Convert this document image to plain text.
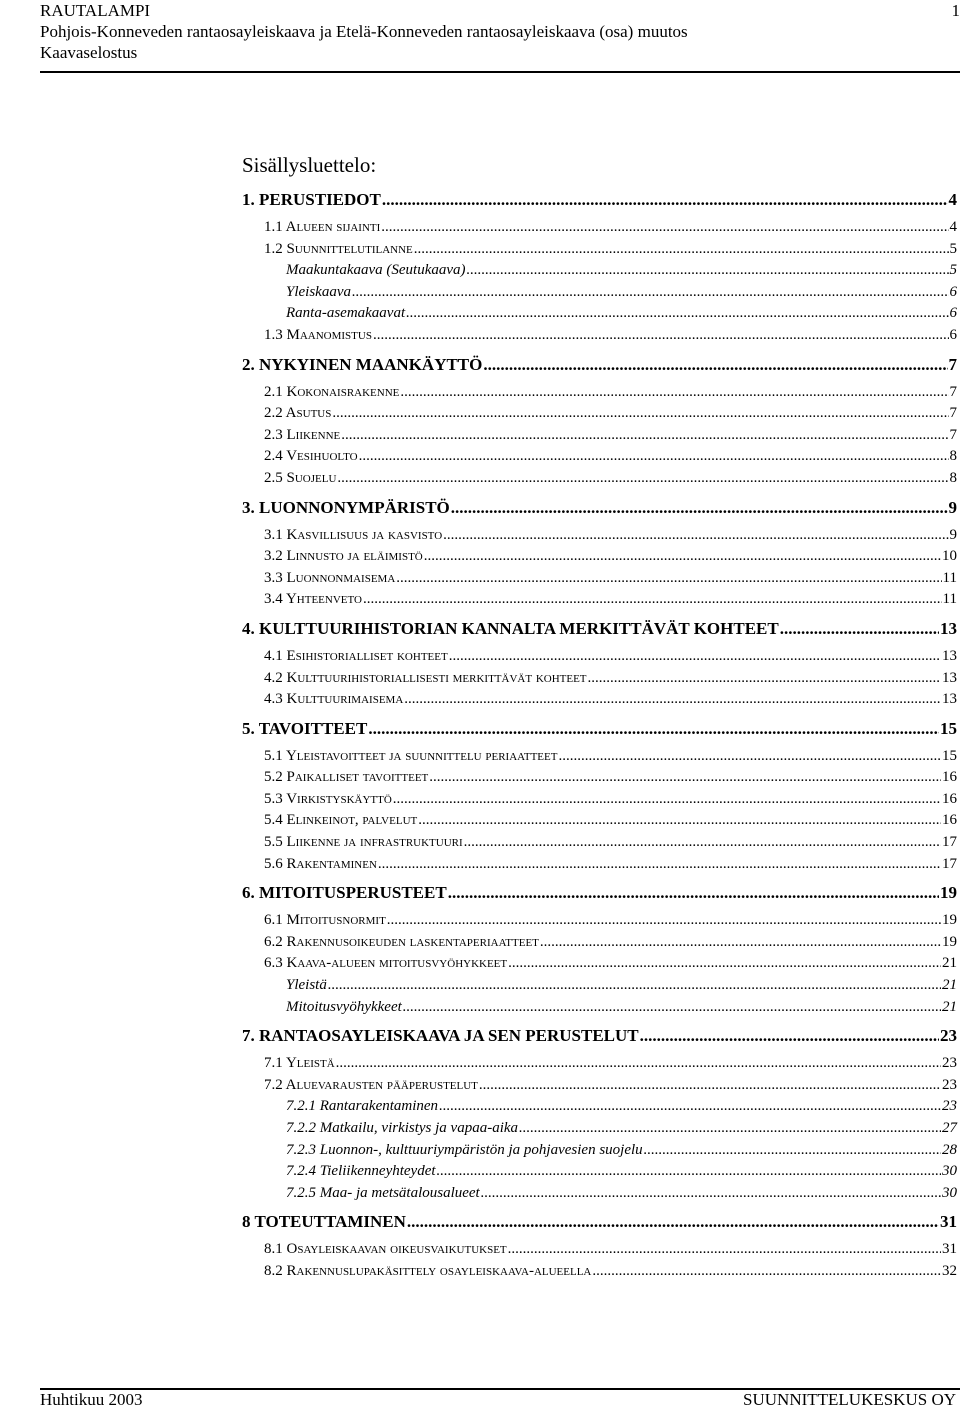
RAUTALAMPI	1
Pohjois-Konneveden rantaosayleiskaava ja Etelä-Konneveden rantaosayleiskaava (osa) muutos
Kaavaselostus
Sisällysluettelo:
1. PERUSTIEDOT .....	4
1.1 Alueen sijainti .....	4
1.2 Suunnittelutilanne .....	5
Maakuntakaava (Seutukaava) .....	5
Yleiskaava .....	6
Ranta-asemakaavat .....	6
1.3 Maanomistus .....	6
2. NYKYINEN MAANKÄYTTÖ .....	7
2.1 Kokonaisrakenne .....	7
2.2 Asutus .....	7
2.3 Liikenne .....	7
2.4 Vesihuolto .....	8
2.5 Suojelu .....	8
3. LUONNONYMPÄRISTÖ .....	9
3.1 Kasvillisuus ja kasvisto .....	9
3.2 Linnusto ja eläimistö .....	10
3.3 Luonnonmaisema .....	11
3.4 Yhteenveto .....	11
4. KULTTUURIHISTORIAN KANNALTA MERKITTÄVÄT KOHTEET .....	13
4.1 Esihistorialliset kohteet .....	13
4.2 Kulttuurihistoriallisesti merkittävät kohteet .....	13
4.3 Kulttuurimaisema .....	13
5. TAVOITTEET .....	15
5.1 Yleistavoitteet ja suunnittelu periaatteet .....	15
5.2 Paikalliset tavoitteet .....	16
5.3 Virkistyskäyttö .....	16
5.4 Elinkeinot, palvelut .....	16
5.5 Liikenne ja infrastruktuuri .....	17
5.6 Rakentaminen .....	17
6. MITOITUSPERUSTEET .....	19
6.1 Mitoitusnormit .....	19
6.2 Rakennusoikeuden laskentaperiaatteet .....	19
6.3 Kaava-alueen mitoitusvyöhykkeet .....	21
Yleistä .....	21
Mitoitusvyöhykkeet .....	21
7. RANTAOSAYLEISKAAVA JA SEN PERUSTELUT .....	23
7.1 Yleistä .....	23
7.2 Aluevarausten pääperustelut .....	23
7.2.1 Rantarakentaminen .....	23
7.2.2 Matkailu, virkistys ja vapaa-aika .....	27
7.2.3 Luonnon-, kulttuuriympäristön ja pohjavesien suojelu .....	28
7.2.4 Tieliikenneyhteydet .....	30
7.2.5 Maa- ja metsätalousalueet .....	30
8 TOTEUTTAMINEN .....	31
8.1 Osayleiskaavan oikeusvaikutukset .....	31
8.2 Rakennuslupakäsittely osayleiskaava-alueella .....	32
Huhtikuu 2003	SUUNNITTELUKESKUS OY
